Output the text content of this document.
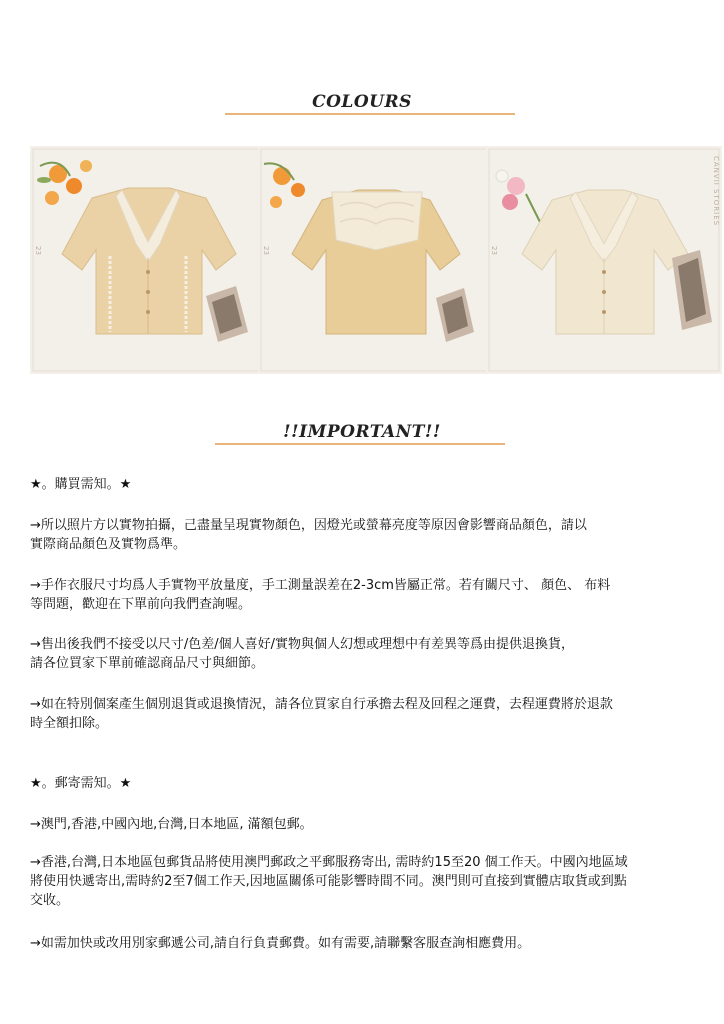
COLOURS
23	23
CANVII STORIES
23
!!IMPORTANT!!

★。購買需知。★

→所以照片方以實物拍攝，己盡量呈現實物顏色，因燈光或螢幕亮度等原因會影響商品顏色，請以

實際商品顏色及實物爲準。

→手作衣服尺寸均爲人手實物平放量度，手工測量誤差在2-3cm皆屬正常。若有關尺寸、 顏色、 布料

等問題，歡迎在下單前向我們查詢喔。

→售出後我們不接受以尺寸/色差/個人喜好/實物與個人幻想或理想中有差異等爲由提供退換貨，

請各位買家下單前確認商品尺寸與細節。

→如在特別個案產生個別退貨或退換情況，請各位買家自行承擔去程及回程之運費，去程運費將於退款

時全額扣除。

★。郵寄需知。★

→澳門,香港,中國內地,台灣,日本地區, 滿額包郵。

→香港,台灣,日本地區包郵貨品將使用澳門郵政之平郵服務寄出, 需時約15至20 個工作天。中國內地區域

將使用快遞寄出,需時約2至7個工作天,因地區關係可能影響時間不同。澳門則可直接到實體店取貨或到點

交收。

→如需加快或改用別家郵遞公司,請自行負責郵費。如有需要,請聯繫客服查詢相應費用。
